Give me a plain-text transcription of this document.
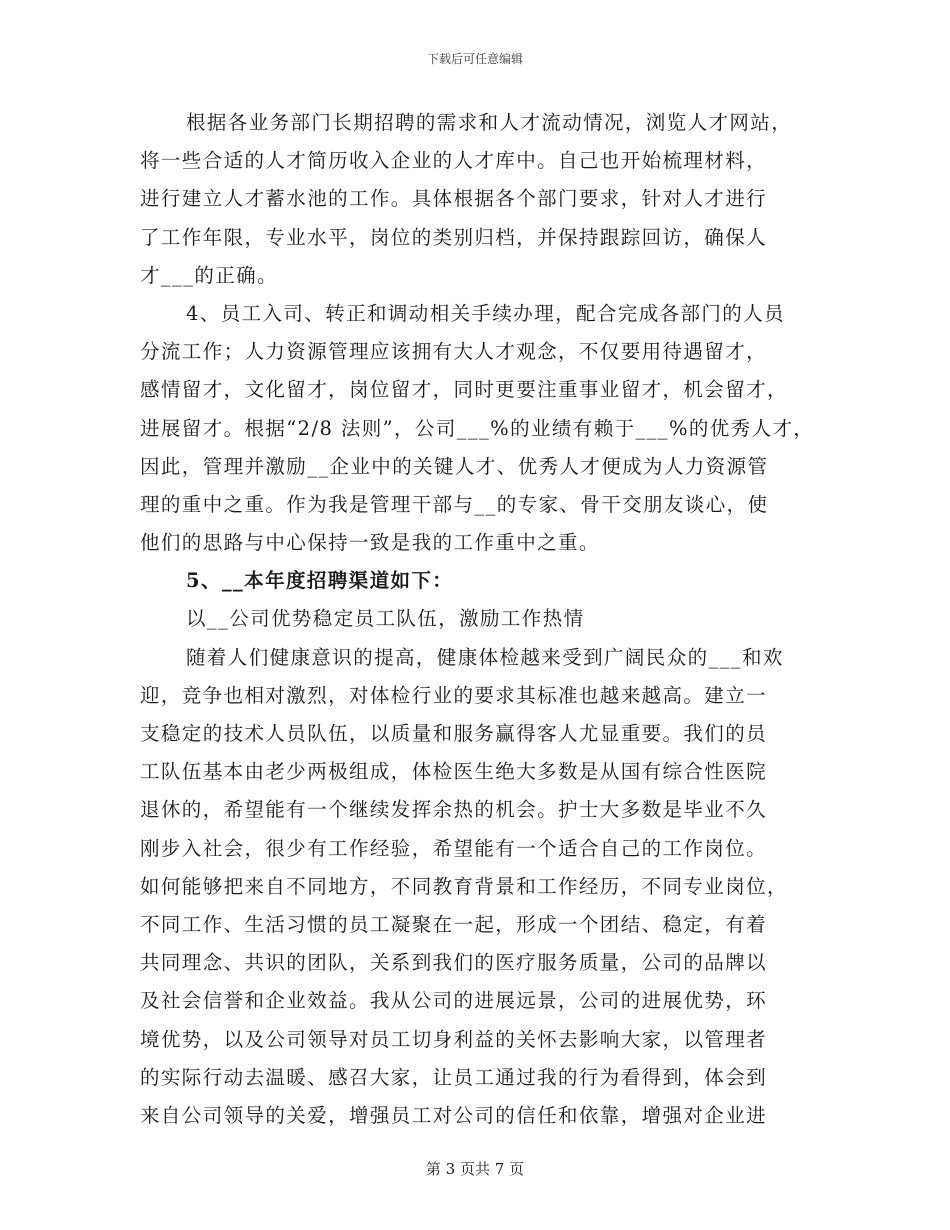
下载后可任意编辑
根据各业务部门长期招聘的需求和人才流动情况，浏览人才网站，
将一些合适的人才简历收入企业的人才库中。自己也开始梳理材料，
进行建立人才蓄水池的工作。具体根据各个部门要求，针对人才进行
了工作年限，专业水平，岗位的类别归档，并保持跟踪回访，确保人
才___的正确。
4、员工入司、转正和调动相关手续办理，配合完成各部门的人员
分流工作；人力资源管理应该拥有大人才观念，不仅要用待遇留才，
感情留才，文化留才，岗位留才，同时更要注重事业留才，机会留才，
进展留才。根据“2/8 法则”，公司___%的业绩有赖于___%的优秀人才，
因此，管理并激励__企业中的关键人才、优秀人才便成为人力资源管
理的重中之重。作为我是管理干部与__的专家、骨干交朋友谈心，使
他们的思路与中心保持一致是我的工作重中之重。
5、__本年度招聘渠道如下：
以__公司优势稳定员工队伍，激励工作热情
随着人们健康意识的提高，健康体检越来受到广阔民众的___和欢
迎，竞争也相对激烈，对体检行业的要求其标准也越来越高。建立一
支稳定的技术人员队伍，以质量和服务赢得客人尤显重要。我们的员
工队伍基本由老少两极组成，体检医生绝大多数是从国有综合性医院
退休的，希望能有一个继续发挥余热的机会。护士大多数是毕业不久
刚步入社会，很少有工作经验，希望能有一个适合自己的工作岗位。
如何能够把来自不同地方，不同教育背景和工作经历，不同专业岗位，
不同工作、生活习惯的员工凝聚在一起，形成一个团结、稳定，有着
共同理念、共识的团队，关系到我们的医疗服务质量，公司的品牌以
及社会信誉和企业效益。我从公司的进展远景，公司的进展优势，环
境优势，以及公司领导对员工切身利益的关怀去影响大家，以管理者
的实际行动去温暖、感召大家，让员工通过我的行为看得到，体会到
来自公司领导的关爱，增强员工对公司的信任和依靠，增强对企业进
第 3 页共 7 页
